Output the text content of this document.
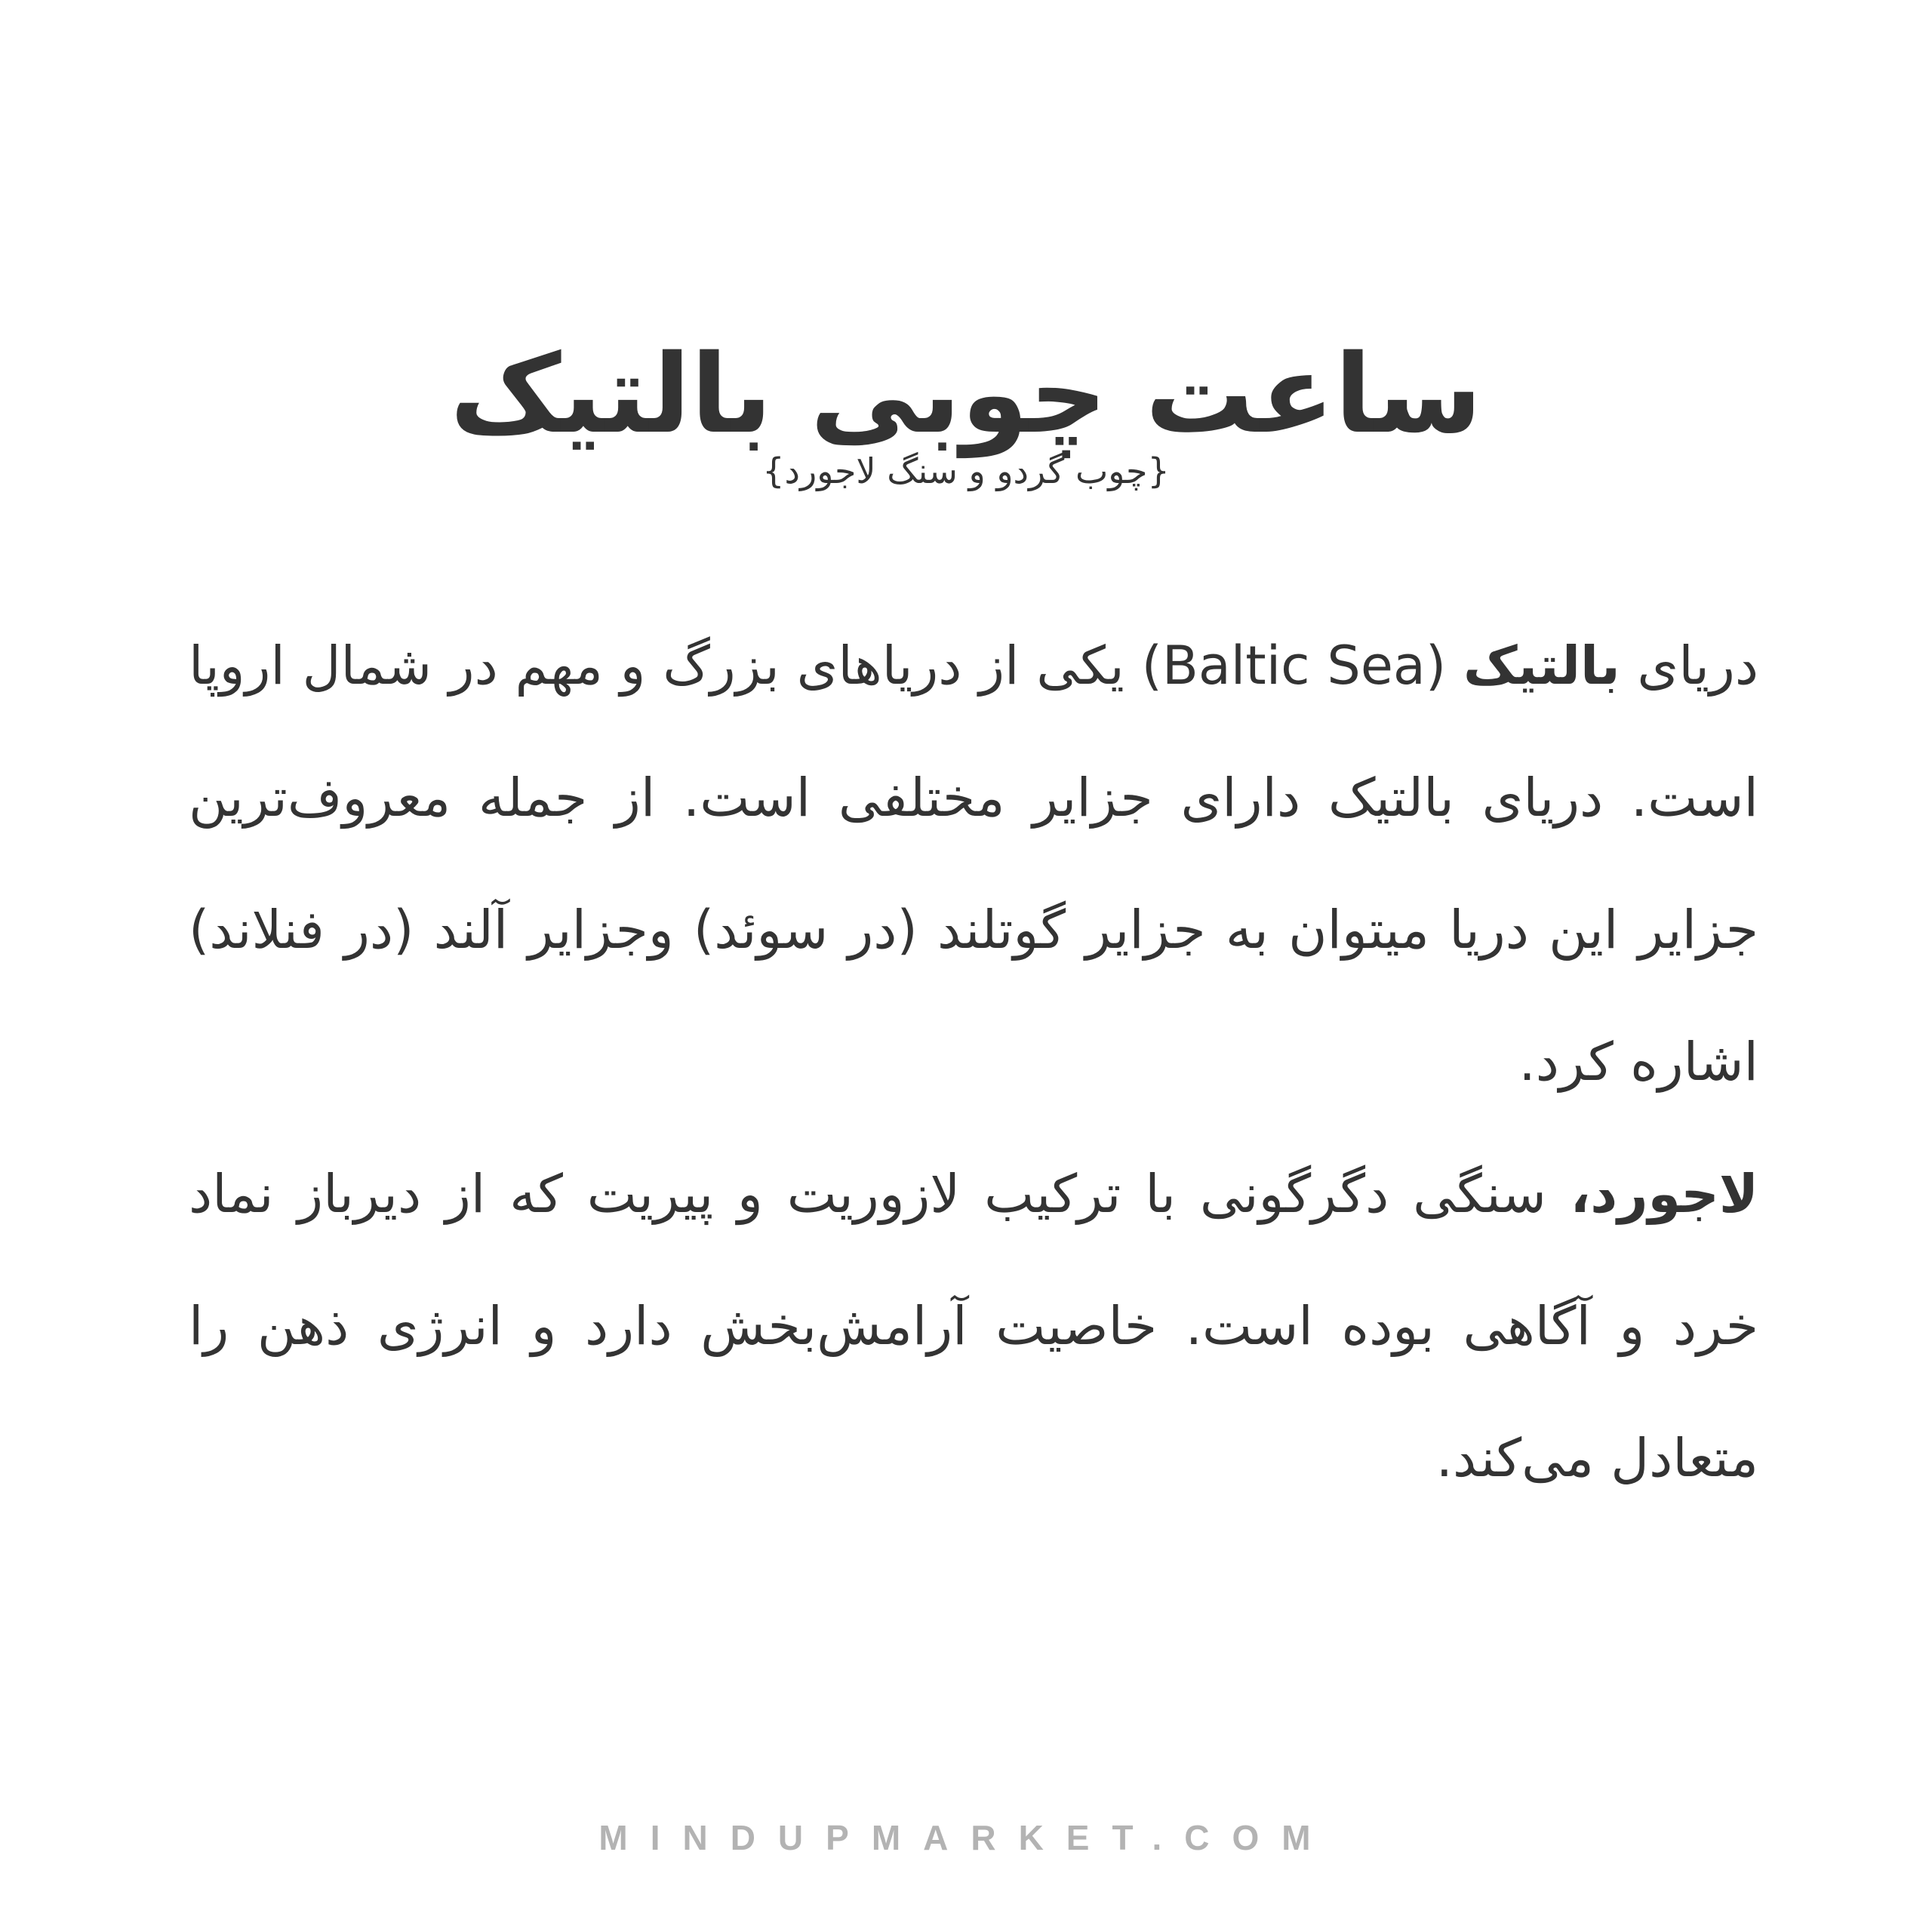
ساعت چوبی بالتیک
{چوب گردو و سنگ لاجورد}

دریای بالتیک (Baltic Sea) یکی از دریاهای بزرگ و مهم در شمال اروپا است. دریای بالتیک دارای جزایر مختلفی است. از جمله معروف‌ترین جزایر این دریا میتوان به جزایر گوتلند (در سوئد) وجزایر آلند (در فنلاند) اشاره کرد.

لاجورد، سنگی دگرگونی با ترکیب لازوریت و پیریت که از دیرباز نماد خرد و آگاهی بوده است. خاصیت آرامش‌بخش دارد و انرژی ذهن را متعادل می‌کند.

MINDUPMARKET.COM
